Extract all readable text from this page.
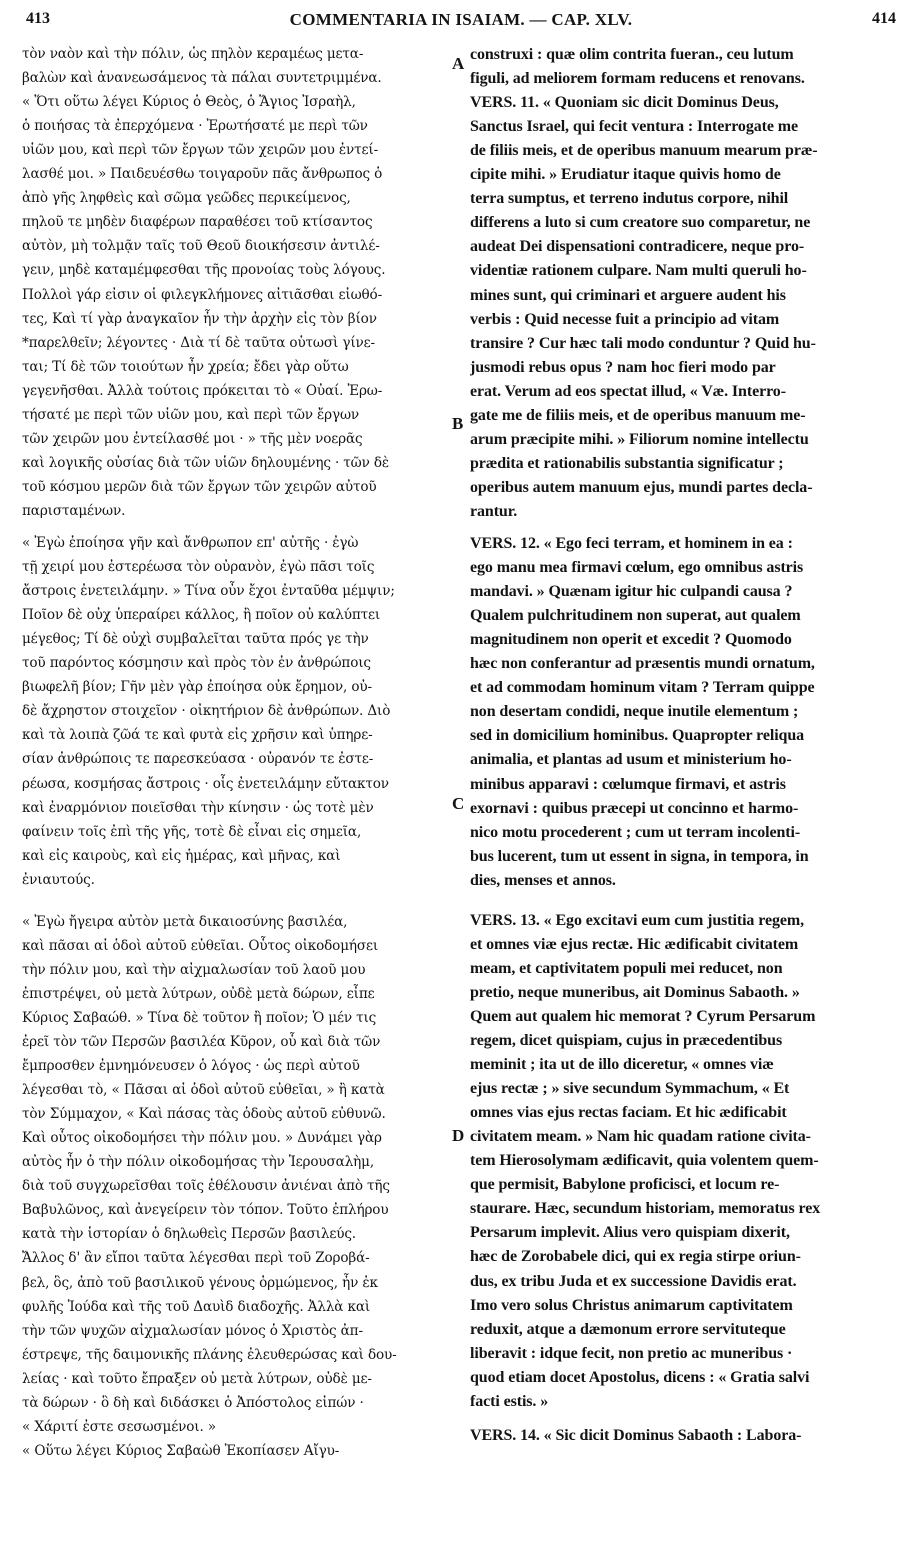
413	COMMENTARIA IN ISAIAM. — CAP. XLV.	414
τὸν ναὸν καὶ τὴν πόλιν, ὡς πηλὸν κεραμέως μετα-
βαλὼν καὶ ἀνανεωσάμενος τὰ πάλαι συντετριμμένα.
« Ὅτι οὕτω λέγει Κύριος ὁ Θεὸς, ὁ Ἅγιος Ἰσραὴλ,
ὁ ποιήσας τὰ ἐπερχόμενα · Ἐρωτήσατέ με περὶ τῶν
υἱῶν μου, καὶ περὶ τῶν ἔργων τῶν χειρῶν μου ἐντεί-
λασθέ μοι. » Παιδευέσθω τοιγαροῦν πᾶς ἄνθρωπος ὁ
ἀπὸ γῆς ληφθεὶς καὶ σῶμα γεῶδες περικείμενος,
πηλοῦ τε μηδὲν διαφέρων παραθέσει τοῦ κτίσαντος
αὐτὸν, μὴ τολμᾷν ταῖς τοῦ Θεοῦ διοικήσεσιν ἀντιλέ-
γειν, μηδὲ καταμέμφεσθαι τῆς προνοίας τοὺς λόγους.
Πολλοὶ γάρ εἰσιν οἱ φιλεγκλήμονες αἰτιᾶσθαι εἰωθό-
τες, Καὶ τί γὰρ ἀναγκαῖον ἦν τὴν ἀρχὴν εἰς τὸν βίον
*παρελθεῖν; λέγοντες · Διὰ τί δὲ ταῦτα οὑτωσὶ γίνε-
ται; Τί δὲ τῶν τοιούτων ἦν χρεία; ἔδει γὰρ οὕτω
γεγενῆσθαι. Ἀλλὰ τούτοις πρόκειται τὸ « Οὐαί. Ἐρω-
τήσατέ με περὶ τῶν υἱῶν μου, καὶ περὶ τῶν ἔργων
τῶν χειρῶν μου ἐντείλασθέ μοι · » τῆς μὲν νοερᾶς
καὶ λογικῆς οὐσίας διὰ τῶν υἱῶν δηλουμένης · τῶν δὲ
τοῦ κόσμου μερῶν διὰ τῶν ἔργων τῶν χειρῶν αὐτοῦ
παρισταμένων.
« Ἐγὼ ἐποίησα γῆν καὶ ἄνθρωπον επ' αὐτῆς · ἐγὼ
τῇ χειρί μου ἐστερέωσα τὸν οὐρανὸν, ἐγὼ πᾶσι τοῖς
ἄστροις ἐνετειλάμην. » Τίνα οὖν ἔχοι ἐνταῦθα μέμψιν;
Ποῖον δὲ οὐχ ὑπεραίρει κάλλος, ἢ ποῖον οὐ καλύπτει
μέγεθος; Τί δὲ οὐχὶ συμβαλεῖται ταῦτα πρός γε τὴν
τοῦ παρόντος κόσμησιν καὶ πρὸς τὸν ἐν ἀνθρώποις
βιωφελῆ βίον; Γῆν μὲν γὰρ ἐποίησα οὐκ ἔρημον, οὐ-
δὲ ἄχρηστον στοιχεῖον · οἰκητήριον δὲ ἀνθρώπων. Διὸ
καὶ τὰ λοιπὰ ζῶά τε καὶ φυτὰ εἰς χρῆσιν καὶ ὑπηρε-
σίαν ἀνθρώποις τε παρεσκεύασα · οὐρανόν τε ἐστε-
ρέωσα, κοσμήσας ἄστροις · οἷς ἐνετειλάμην εὔτακτον
καὶ ἐναρμόνιον ποιεῖσθαι τὴν κίνησιν · ὡς τοτὲ μὲν
φαίνειν τοῖς ἐπὶ τῆς γῆς, τοτὲ δὲ εἶναι εἰς σημεῖα,
καὶ εἰς καιροὺς, καὶ εἰς ἡμέρας, καὶ μῆνας, καὶ
ἐνιαυτούς.
« Ἐγὼ ἤγειρα αὐτὸν μετὰ δικαιοσύνης βασιλέα,
καὶ πᾶσαι αἱ ὁδοὶ αὐτοῦ εὐθεῖαι. Οὗτος οἰκοδομήσει
τὴν πόλιν μου, καὶ τὴν αἰχμαλωσίαν τοῦ λαοῦ μου
ἐπιστρέψει, οὐ μετὰ λύτρων, οὐδὲ μετὰ δώρων, εἶπε
Κύριος Σαβαώθ. » Τίνα δὲ τοῦτον ἢ ποῖον; Ὁ μέν τις
ἐρεῖ τὸν τῶν Περσῶν βασιλέα Κῦρον, οὗ καὶ διὰ τῶν
ἔμπροσθεν ἐμνημόνευσεν ὁ λόγος · ὡς περὶ αὐτοῦ
λέγεσθαι τὸ, « Πᾶσαι αἱ ὁδοὶ αὐτοῦ εὐθεῖαι, » ἢ κατὰ
τὸν Σύμμαχον, « Καὶ πάσας τὰς ὁδοὺς αὐτοῦ εὐθυνῶ.
Καὶ οὗτος οἰκοδομήσει τὴν πόλιν μου. » Δυνάμει γὰρ
αὐτὸς ἦν ὁ τὴν πόλιν οἰκοδομήσας τὴν Ἱερουσαλὴμ,
διὰ τοῦ συγχωρεῖσθαι τοῖς ἐθέλουσιν ἀνιέναι ἀπὸ τῆς
Βαβυλῶνος, καὶ ἀνεγείρειν τὸν τόπον. Τοῦτο ἐπλήρου
κατὰ τὴν ἱστορίαν ὁ δηλωθεὶς Περσῶν βασιλεύς.
Ἄλλος δ' ἂν εἴποι ταῦτα λέγεσθαι περὶ τοῦ Ζοροβά-
βελ, ὃς, ἀπὸ τοῦ βασιλικοῦ γένους ὁρμώμενος, ἦν ἐκ
φυλῆς Ἰούδα καὶ τῆς τοῦ Δαυὶδ διαδοχῆς. Ἀλλὰ καὶ
τὴν τῶν ψυχῶν αἰχμαλωσίαν μόνος ὁ Χριστὸς ἀπ-
έστρεψε, τῆς δαιμονικῆς πλάνης ἐλευθερώσας καὶ δου-
λείας · καὶ τοῦτο ἔπραξεν οὐ μετὰ λύτρων, οὐδὲ με-
τὰ δώρων · ὃ δὴ καὶ διδάσκει ὁ Ἀπόστολος εἰπών ·
« Χάριτί ἐστε σεσωσμένοι. »
« Οὕτω λέγει Κύριος Σαβαὼθ Ἐκοπίασεν Αἴγυ-
construxi : quæ olim contrita fueran., ceu lutum
figuli, ad meliorem formam reducens et renovans.
VERS. 11. « Quoniam sic dicit Dominus Deus,
Sanctus Israel, qui fecit ventura : Interrogate me
de filiis meis, et de operibus manuum mearum præ-
cipite mihi. » Erudiatur itaque quivis homo de
terra sumptus, et terreno indutus corpore, nihil
differens a luto si cum creatore suo comparetur, ne
audeat Dei dispensationi contradicere, neque pro-
videntiæ rationem culpare. Nam multi queruli ho-
mines sunt, qui criminari et arguere audent his
verbis : Quid necesse fuit a principio ad vitam
transire ? Cur hæc tali modo conduntur ? Quid hu-
jusmodi rebus opus ? nam hoc fieri modo par
erat. Verum ad eos spectat illud, « Væ. Interro-
gate me de filiis meis, et de operibus manuum me-
arum præcipite mihi. » Filiorum nomine intellectu
prædita et rationabilis substantia significatur ;
operibus autem manuum ejus, mundi partes decla-
rantur.
VERS. 12. « Ego feci terram, et hominem in ea :
ego manu mea firmavi cœlum, ego omnibus astris
mandavi. » Quænam igitur hic culpandi causa ?
Qualem pulchritudinem non superat, aut qualem
magnitudinem non operit et excedit ? Quomodo
hæc non conferantur ad præsentis mundi ornatum,
et ad commodam hominum vitam ? Terram quippe
non desertam condidi, neque inutile elementum ;
sed in domicilium hominibus. Quapropter reliqua
animalia, et plantas ad usum et ministerium ho-
minibus apparavi : cœlumque firmavi, et astris
exornavi : quibus præcepi ut concinno et harmo-
nico motu procederent ; cum ut terram incolenti-
bus lucerent, tum ut essent in signa, in tempora, in
dies, menses et annos.
VERS. 13. « Ego excitavi eum cum justitia regem,
et omnes viæ ejus rectæ. Hic ædificabit civitatem
meam, et captivitatem populi mei reducet, non
pretio, neque muneribus, ait Dominus Sabaoth. »
Quem aut qualem hic memorat ? Cyrum Persarum
regem, dicet quispiam, cujus in præcedentibus
meminit ; ita ut de illo diceretur, « omnes viæ
ejus rectæ ; » sive secundum Symmachum, « Et
omnes vias ejus rectas faciam. Et hic ædificabit
civitatem meam. » Nam hic quadam ratione civita-
tem Hierosolymam ædificavit, quia volentem quem-
que permisit, Babylone proficisci, et locum re-
staurare. Hæc, secundum historiam, memoratus rex
Persarum implevit. Alius vero quispiam dixerit,
hæc de Zorobabele dici, qui ex regia stirpe oriun-
dus, ex tribu Juda et ex successione Davidis erat.
Imo vero solus Christus animarum captivitatem
reduxit, atque a dæmonum errore servituteque
liberavit : idque fecit, non pretio ac muneribus ·
quod etiam docet Apostolus, dicens : « Gratia salvi
facti estis. »
VERS. 14. « Sic dicit Dominus Sabaoth : Labora-
A
B
C
D
